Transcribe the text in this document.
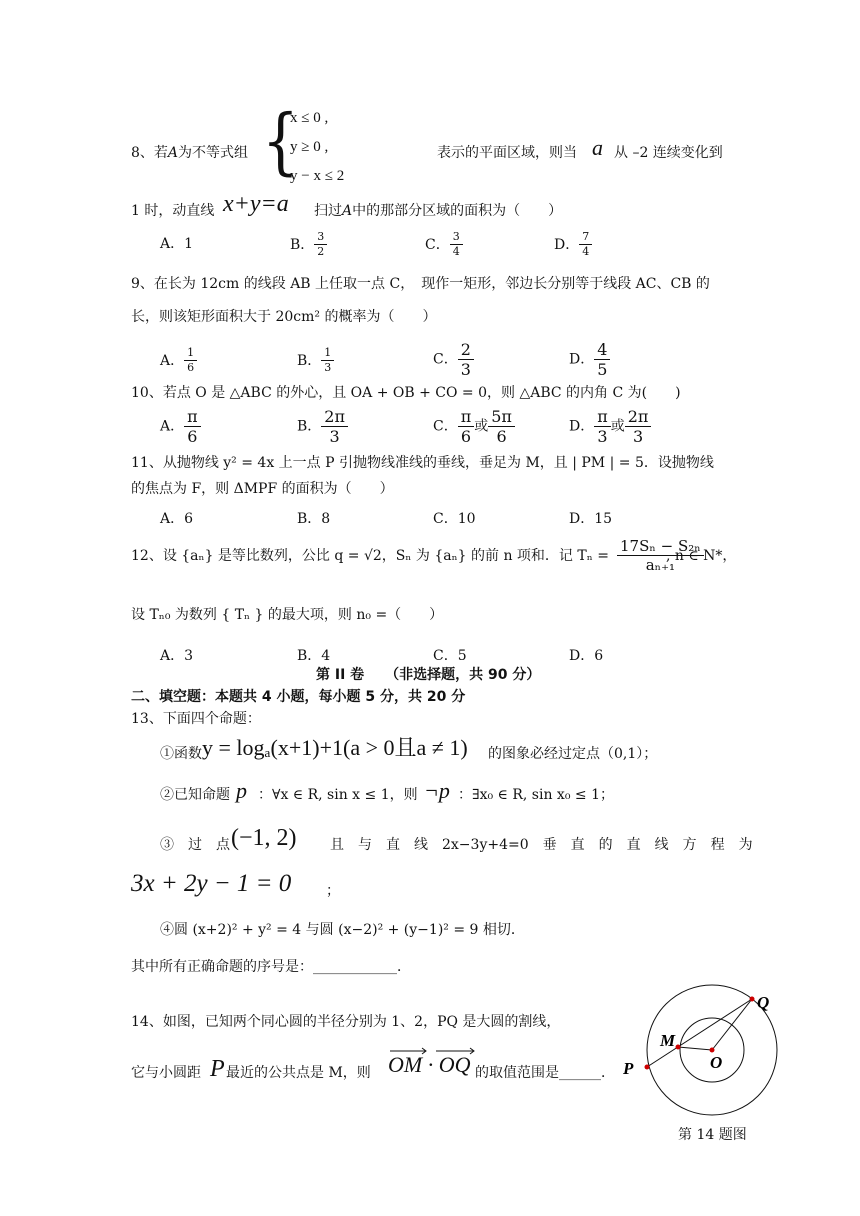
8、若A为不等式组 {
x ≤ 0 ,
y ≥ 0 ,
y − x ≤ 2
表示的平面区域，则当 a 从 –2 连续变化到
1 时，动直线 x+y=a 扫过A中的那部分区域的面积为（　　）
A．1	B． $\frac{3}{2}$	C． $\frac{3}{4}$	D． $\frac{7}{4}$
9、在长为 12cm 的线段 AB 上任取一点 C，　现作一矩形，邻边长分别等于线段 AC、CB 的
长，则该矩形面积大于 20cm² 的概率为（　　）
A． $\frac{1}{6}$	B． $\frac{1}{3}$	C． $\frac{2}{3}$	D． $\frac{4}{5}$
10、若点 O 是 △ABC 的外心，且 OA + OB + CO = 0，则 △ABC 的内角 C 为(　　)
A． $\frac{\pi}{6}$	B． $\frac{2\pi}{3}$	C． $\frac{\pi}{6}$ 或 $\frac{5\pi}{6}$	D． $\frac{\pi}{3}$ 或 $\frac{2\pi}{3}$
11、从抛物线 y² = 4x 上一点 P 引抛物线准线的垂线，垂足为 M，且 | PM | = 5．设抛物线
的焦点为 F，则 ΔMPF 的面积为（　　）
A．6	B．8	C．10	D．15
12、设 {aₙ} 是等比数列，公比 q = √2，Sₙ 为 {aₙ} 的前 n 项和．记 $T_n = \frac{\text{17Sₙ − S₂ₙ}}{\text{aₙ₊₁}}$
, n ∈ N*，
设 Tₙ₀ 为数列 { Tₙ } 的最大项，则 n₀ =（　　）
A．3	B．4	C．5	D．6
第 II 卷　　（非选择题，共 90 分）
二、填空题：本题共 4 小题，每小题 5 分，共 20 分
13、下面四个命题：
①函数 y = logₐ(x+1)+1(a > 0且a ≠ 1) 的图象必经过定点（0,1）；
②已知命题 p ：∀x ∈ R, sin x ≤ 1，则 ¬p ：∃x₀ ∈ R, sin x₀ ≤ 1；
③　过　点 (−1, 2) 且　与　直　线　2x−3y+4=0　垂　直　的　直　线　方　程　为
3x + 2y − 1 = 0 ；
④圆 (x+2)² + y² = 4 与圆 (x−2)² + (y−1)² = 9 相切．
其中所有正确命题的序号是：____________．
14、如图，已知两个同心圆的半径分别为 1、2，PQ 是大圆的割线，
它与小圆距 P 最近的公共点是 M，则 OM · OQ 的取值范围是______．
Q
M
O
P
第 14 题图
